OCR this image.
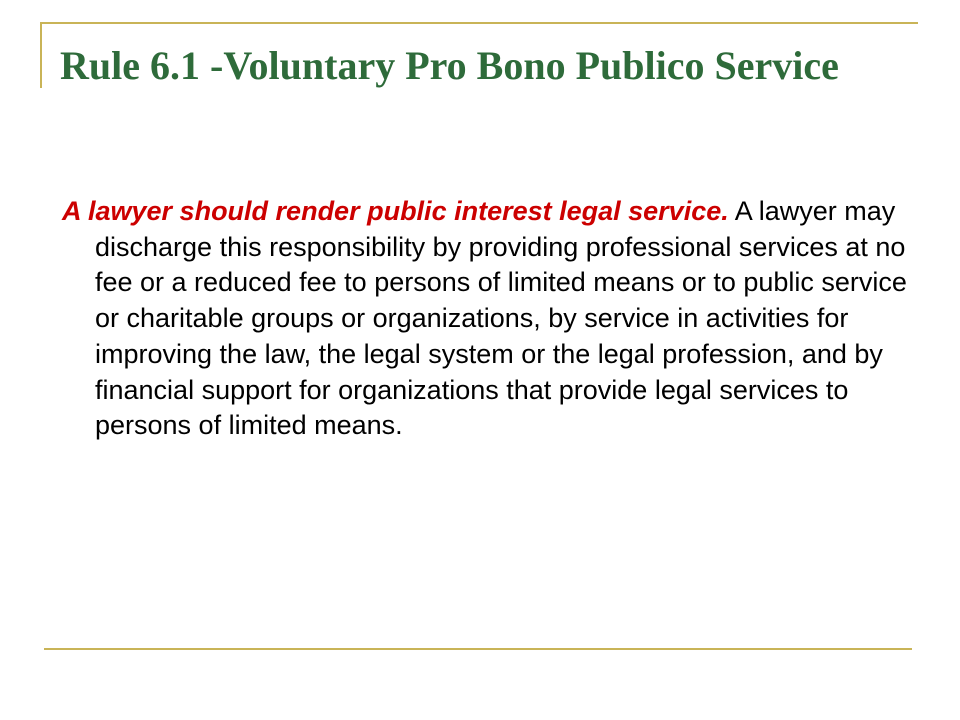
Rule 6.1 -Voluntary Pro Bono Publico Service

A lawyer should render public interest legal service. A lawyer may discharge this responsibility by providing professional services at no fee or a reduced fee to persons of limited means or to public service or charitable groups or organizations, by service in activities for improving the law, the legal system or the legal profession, and by financial support for organizations that provide legal services to persons of limited means.
